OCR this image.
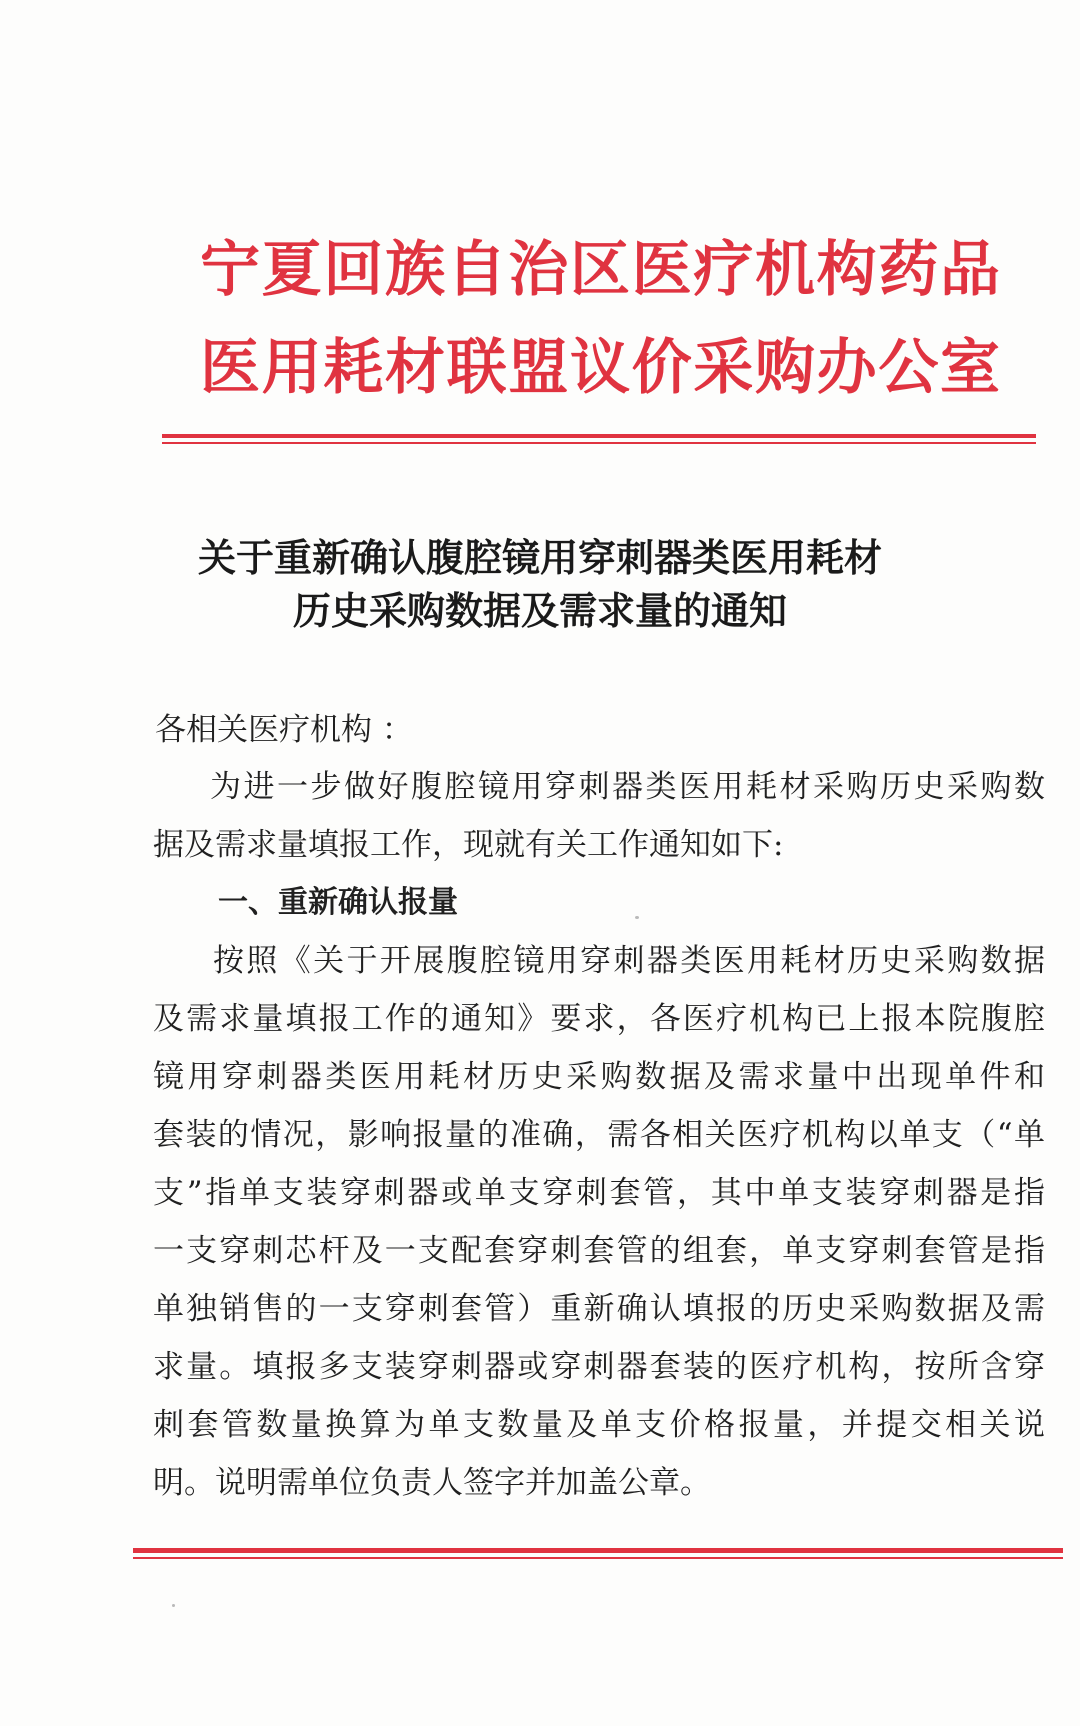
宁夏回族自治区医疗机构药品
医用耗材联盟议价采购办公室
关于重新确认腹腔镜用穿刺器类医用耗材
历史采购数据及需求量的通知
各相关医疗机构 ：
为进一步做好腹腔镜用穿刺器类医用耗材采购历史采购数
据及需求量填报工作，现就有关工作通知如下:
一、重新确认报量
按照《关于开展腹腔镜用穿刺器类医用耗材历史采购数据
及需求量填报工作的通知》要求，各医疗机构已上报本院腹腔
镜用穿刺器类医用耗材历史采购数据及需求量中出现单件和
套装的情况，影响报量的准确，需各相关医疗机构以单支（“单
支”指单支装穿刺器或单支穿刺套管，其中单支装穿刺器是指
一支穿刺芯杆及一支配套穿刺套管的组套，单支穿刺套管是指
单独销售的一支穿刺套管）重新确认填报的历史采购数据及需
求量。填报多支装穿刺器或穿刺器套装的医疗机构，按所含穿
刺套管数量换算为单支数量及单支价格报量，并提交相关说
明。说明需单位负责人签字并加盖公章。
